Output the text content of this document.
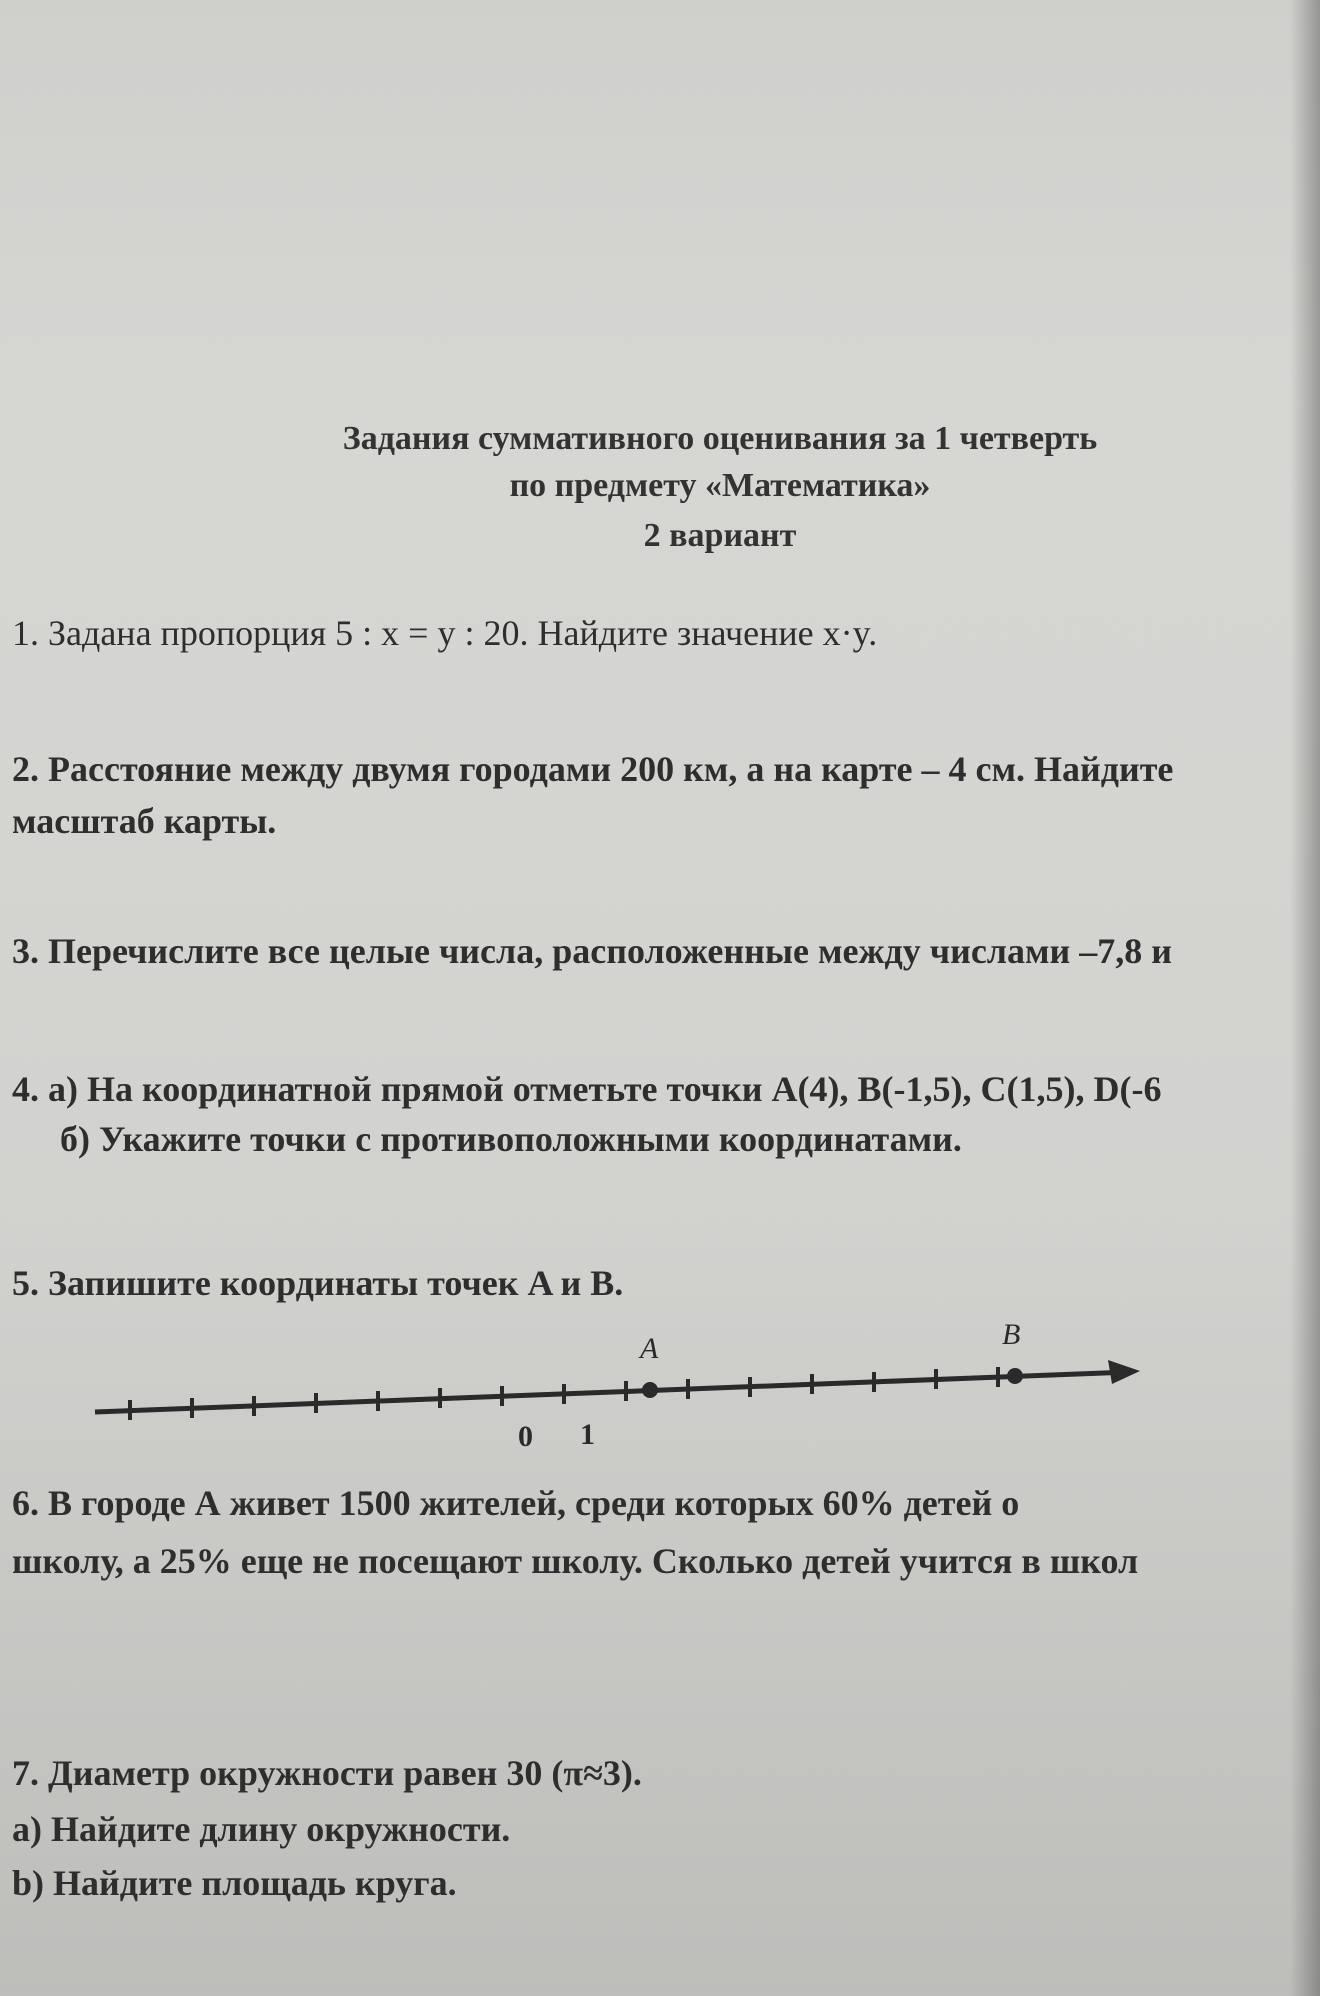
Задания суммативного оценивания за 1 четверть
по предмету «Математика»
2 вариант
1. Задана пропорция 5 : x = y : 20. Найдите значение x·y.
2. Расстояние между двумя городами 200 км, а на карте – 4 см. Найдите
масштаб карты.
3. Перечислите все целые числа, расположенные между числами –7,8 и
4. а) На координатной прямой отметьте точки A(4), B(-1,5), C(1,5), D(-6
б) Укажите точки с противоположными координатами.
5. Запишите координаты точек A и B.
A	B
0 1
6. В городе А живет 1500 жителей, среди которых 60% детей о
школу, а 25% еще не посещают школу. Сколько детей учится в школ
7. Диаметр окружности равен 30 (π≈3).
а) Найдите длину окружности.
b) Найдите площадь круга.
